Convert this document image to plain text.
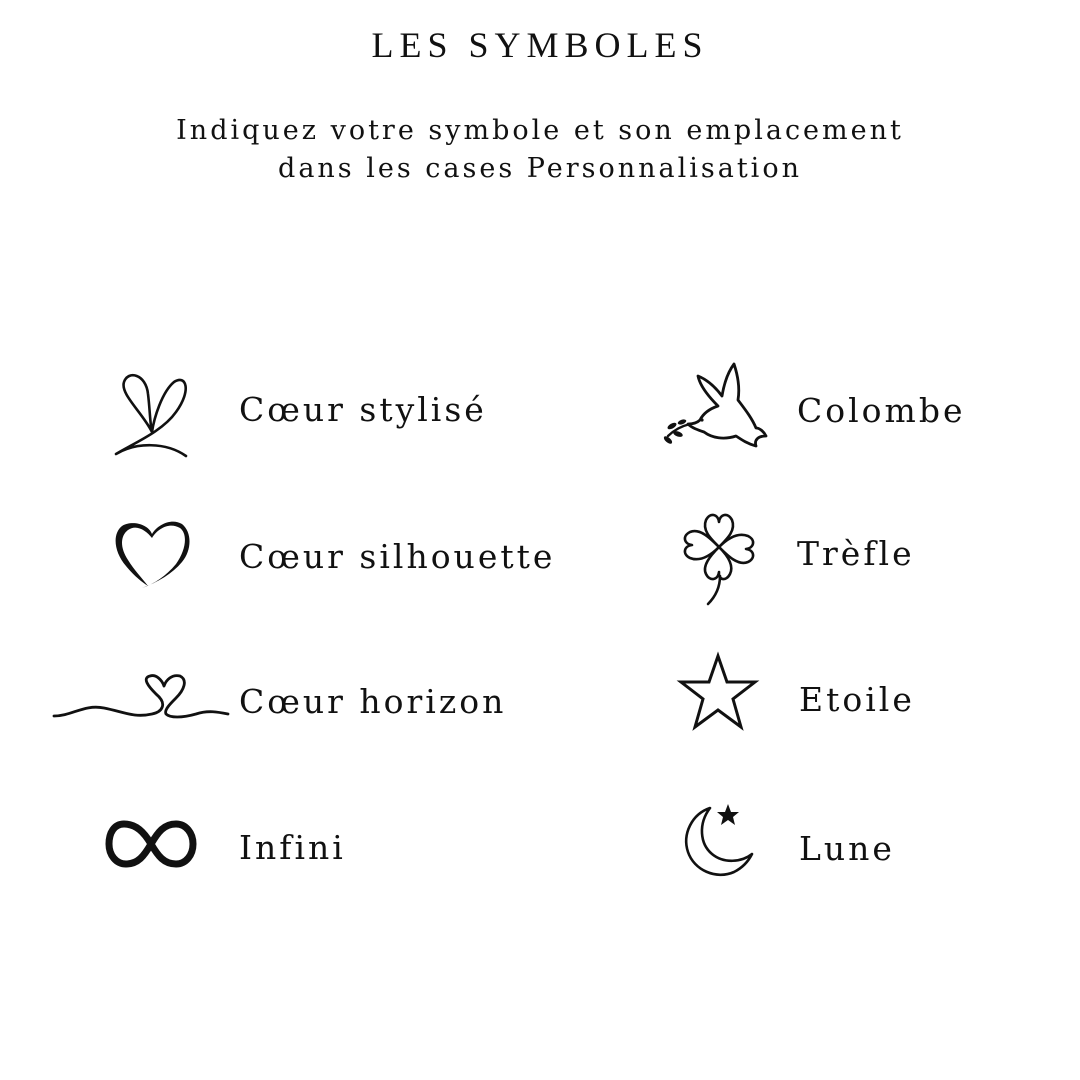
LES SYMBOLES
Indiquez votre symbole et son emplacement
dans les cases Personnalisation
Cœur stylisé
Cœur silhouette
Cœur horizon
Infini
Colombe
Trèfle
Etoile
Lune
